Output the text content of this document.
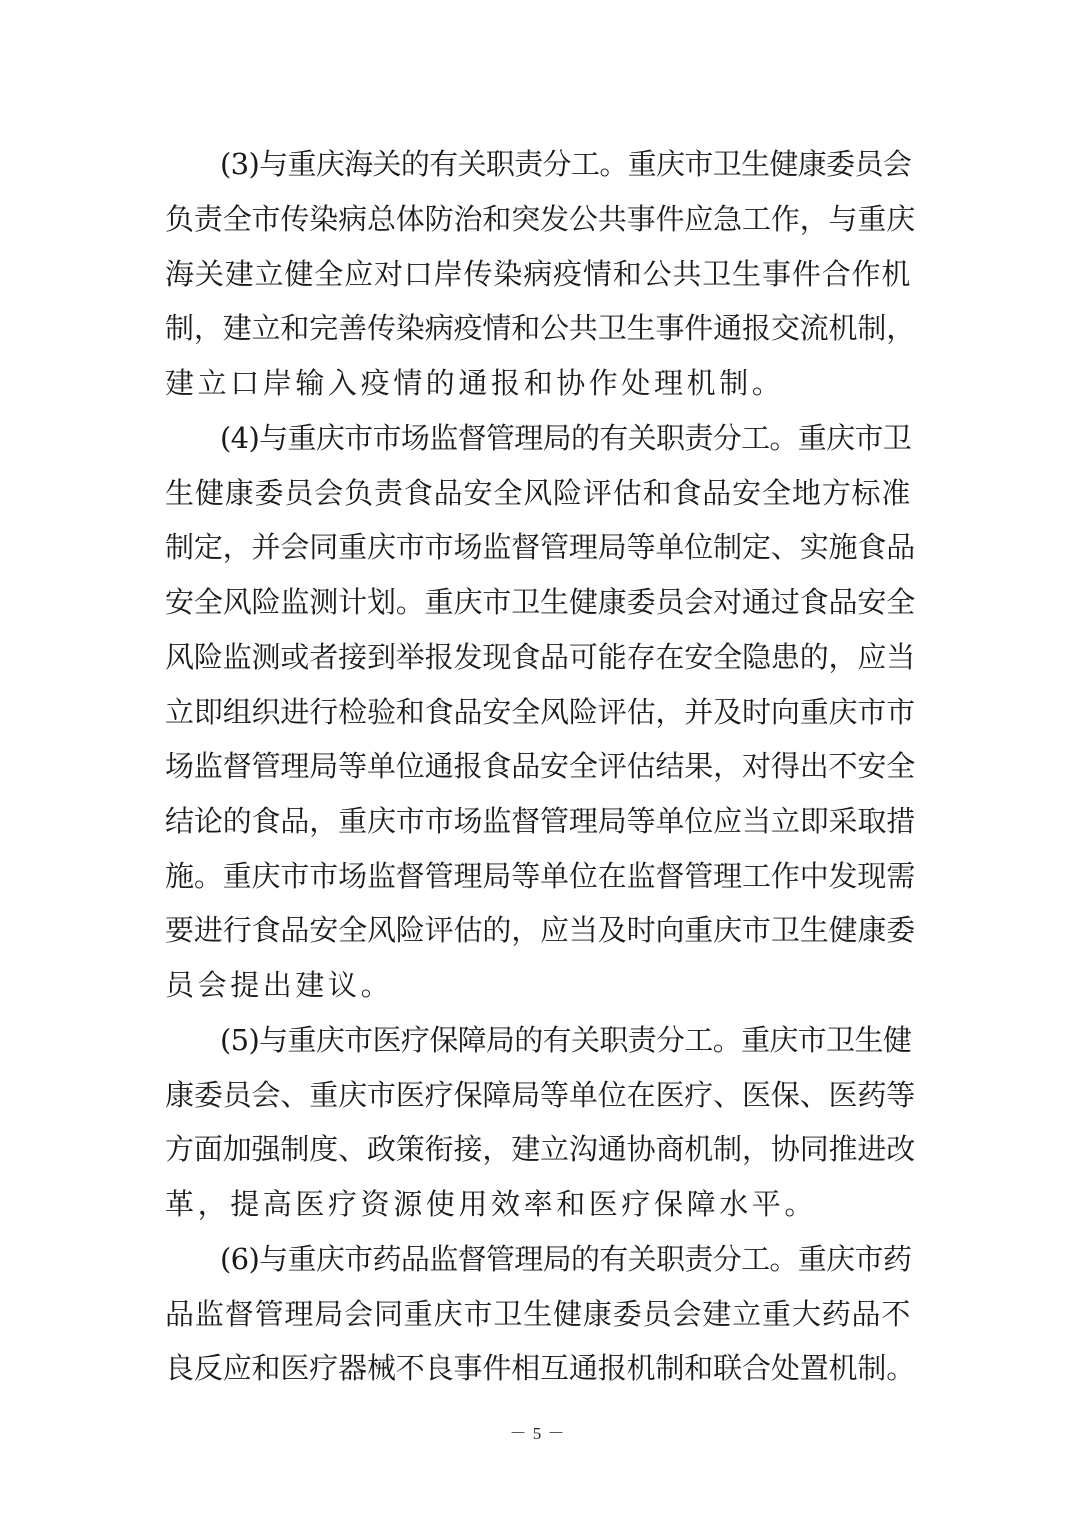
(3)与重庆海关的有关职责分工。重庆市卫生健康委员会
负责全市传染病总体防治和突发公共事件应急工作，与重庆
海关建立健全应对口岸传染病疫情和公共卫生事件合作机
制，建立和完善传染病疫情和公共卫生事件通报交流机制，
建立口岸输入疫情的通报和协作处理机制。
(4)与重庆市市场监督管理局的有关职责分工。重庆市卫
生健康委员会负责食品安全风险评估和食品安全地方标准
制定，并会同重庆市市场监督管理局等单位制定、实施食品
安全风险监测计划。重庆市卫生健康委员会对通过食品安全
风险监测或者接到举报发现食品可能存在安全隐患的，应当
立即组织进行检验和食品安全风险评估，并及时向重庆市市
场监督管理局等单位通报食品安全评估结果，对得出不安全
结论的食品，重庆市市场监督管理局等单位应当立即采取措
施。重庆市市场监督管理局等单位在监督管理工作中发现需
要进行食品安全风险评估的，应当及时向重庆市卫生健康委
员会提出建议。
(5)与重庆市医疗保障局的有关职责分工。重庆市卫生健
康委员会、重庆市医疗保障局等单位在医疗、医保、医药等
方面加强制度、政策衔接，建立沟通协商机制，协同推进改
革，提高医疗资源使用效率和医疗保障水平。
(6)与重庆市药品监督管理局的有关职责分工。重庆市药
品监督管理局会同重庆市卫生健康委员会建立重大药品不
良反应和医疗器械不良事件相互通报机制和联合处置机制。
－ 5 －
